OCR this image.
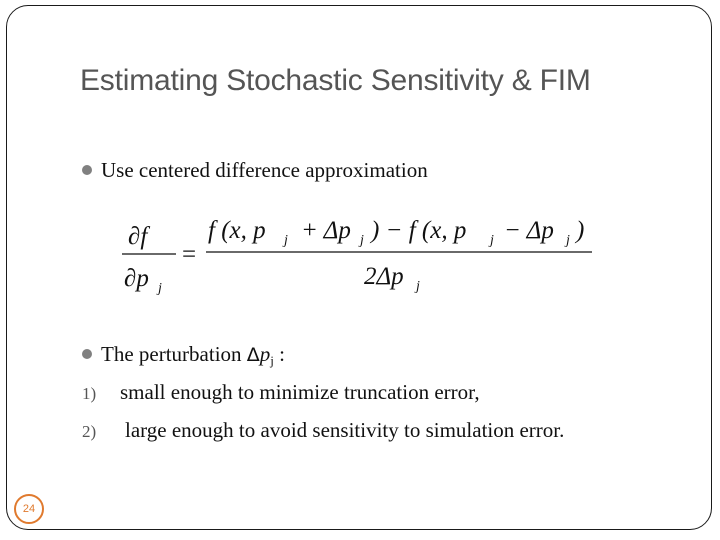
Estimating Stochastic Sensitivity & FIM
Use centered difference approximation
∂f
∂p j
=
f (x, p j + Δp j ) − f (x, p j − Δp j )
2Δp j
The perturbation $\Delta p_j$ :
1) small enough to minimize truncation error,
2) large enough to avoid sensitivity to simulation error.
24
